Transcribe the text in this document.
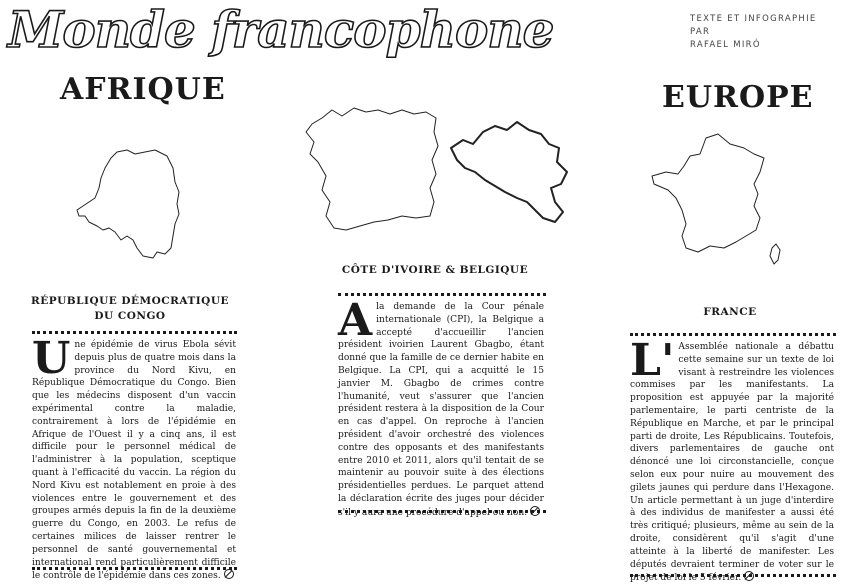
Monde francophone	TEXTE ET INFOGRAPHIE PAR
RAFAEL MIRÓ
AFRIQUE	EUROPE
RÉPUBLIQUE DÉMOCRATIQUE DU CONGO
U ne épidémie de virus Ebola sévit depuis plus de quatre mois dans la province du Nord Kivu, en République Démocratique du Congo. Bien que les médecins disposent d'un vaccin expérimental contre la maladie, contrairement à lors de l'épidémie en Afrique de l'Ouest il y a cinq ans, il est difficile pour le personnel médical de l'administrer à la population, sceptique quant à l'efficacité du vaccin. La région du Nord Kivu est notablement en proie à des violences entre le gouvernement et des groupes armés depuis la fin de la deuxième guerre du Congo, en 2003. Le refus de certaines milices de laisser rentrer le personnel de santé gouvernemental et international rend particulièrement difficile le contrôle de l'épidémie dans ces zones.

CÔTE D'IVOIRE & BELGIQUE
A la demande de la Cour pénale internationale (CPI), la Belgique a accepté d'accueillir l'ancien président ivoirien Laurent Gbagbo, étant donné que la famille de ce dernier habite en Belgique. La CPI, qui a acquitté le 15 janvier M. Gbagbo de crimes contre l'humanité, veut s'assurer que l'ancien président restera à la disposition de la Cour en cas d'appel. On reproche à l'ancien président d'avoir orchestré des violences contre des opposants et des manifestants entre 2010 et 2011, alors qu'il tentait de se maintenir au pouvoir suite à des élections présidentielles perdues. Le parquet attend la déclaration écrite des juges pour décider s'il y aura une procédure d'appel ou non.

FRANCE
L' Assemblée nationale a débattu cette semaine sur un texte de loi visant à restreindre les violences commises par les manifestants. La proposition est appuyée par la majorité parlementaire, le parti centriste de la République en Marche, et par le principal parti de droite, Les Républicains. Toutefois, divers parlementaires de gauche ont dénoncé une loi circonstancielle, conçue selon eux pour nuire au mouvement des gilets jaunes qui perdure dans l'Hexagone. Un article permettant à un juge d'interdire à des individus de manifester a aussi été très critiqué; plusieurs, même au sein de la droite, considèrent qu'il s'agit d'une atteinte à la liberté de manifester. Les députés devraient terminer de voter sur le projet de loi le 5 février.
